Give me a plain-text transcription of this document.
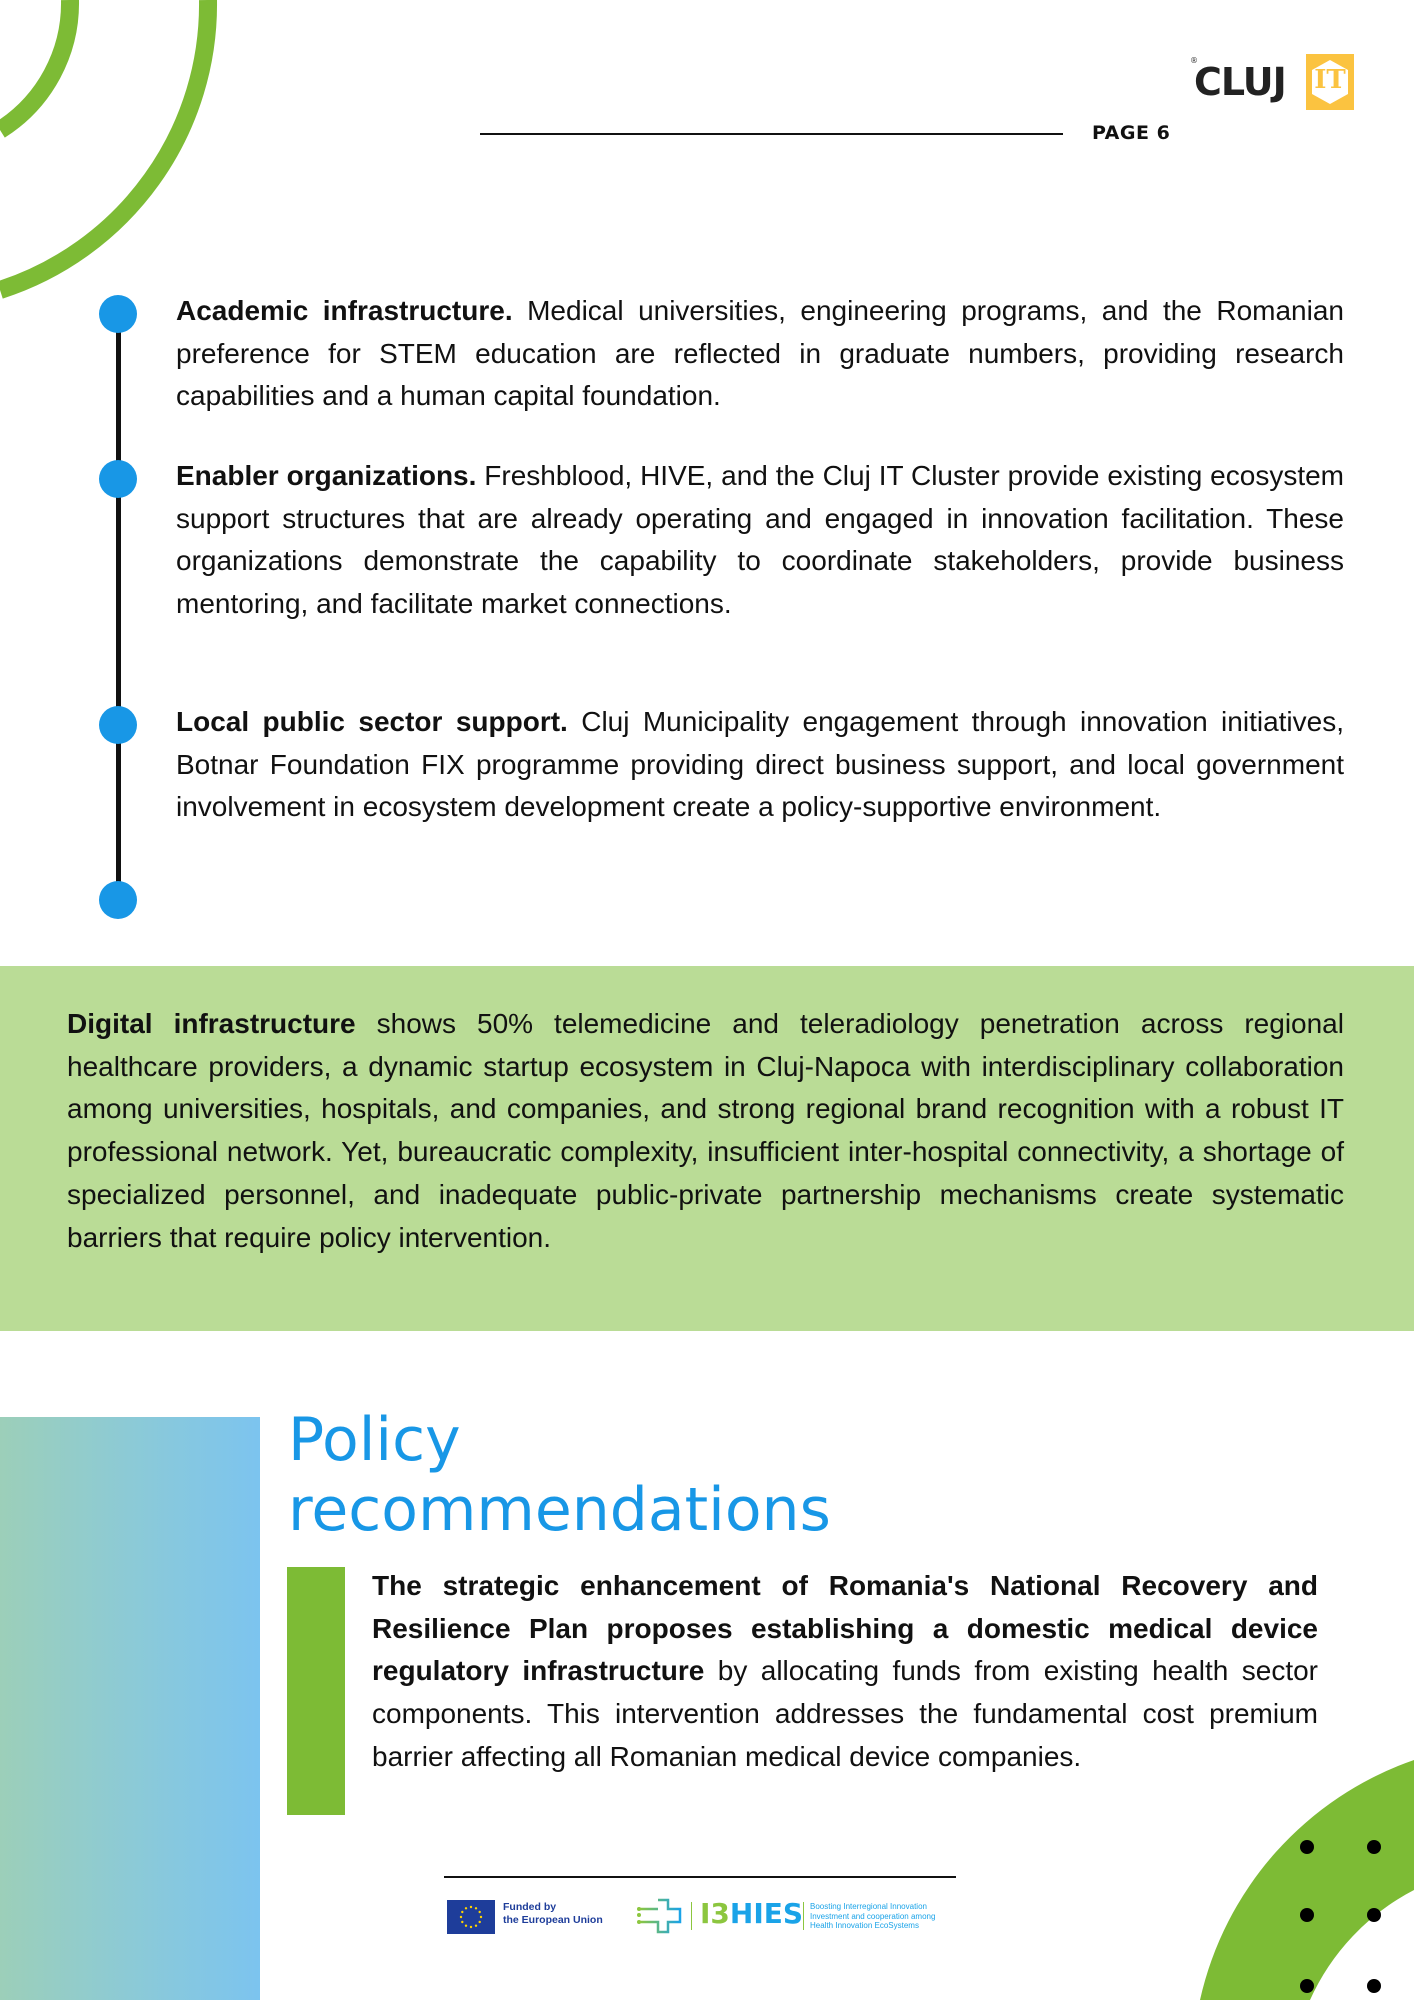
®
CLUJ	IT
PAGE 6

Academic infrastructure. Medical universities, engineering programs, and the Romanian preference for STEM education are reflected in graduate numbers, providing research capabilities and a human capital foundation.

Enabler organizations. Freshblood, HIVE, and the Cluj IT Cluster provide existing ecosystem support structures that are already operating and engaged in innovation facilitation. These organizations demonstrate the capability to coordinate stakeholders, provide business mentoring, and facilitate market connections.

Local public sector support. Cluj Municipality engagement through innovation initiatives, Botnar Foundation FIX programme providing direct business support, and local government involvement in ecosystem development create a policy-supportive environment.

Digital infrastructure shows 50% telemedicine and teleradiology penetration across regional healthcare providers, a dynamic startup ecosystem in Cluj-Napoca with interdisciplinary collaboration among universities, hospitals, and companies, and strong regional brand recognition with a robust IT professional network. Yet, bureaucratic complexity, insufficient inter-hospital connectivity, a shortage of specialized personnel, and inadequate public-private partnership mechanisms create systematic barriers that require policy intervention.

Policy
recommendations

The strategic enhancement of Romania's National Recovery and Resilience Plan proposes establishing a domestic medical device regulatory infrastructure by allocating funds from existing health sector components. This intervention addresses the fundamental cost premium barrier affecting all Romanian medical device companies.

Funded by
the European Union	I3HIES Boosting Interregional Innovation
Investment and cooperation among
Health Innovation EcoSystems
